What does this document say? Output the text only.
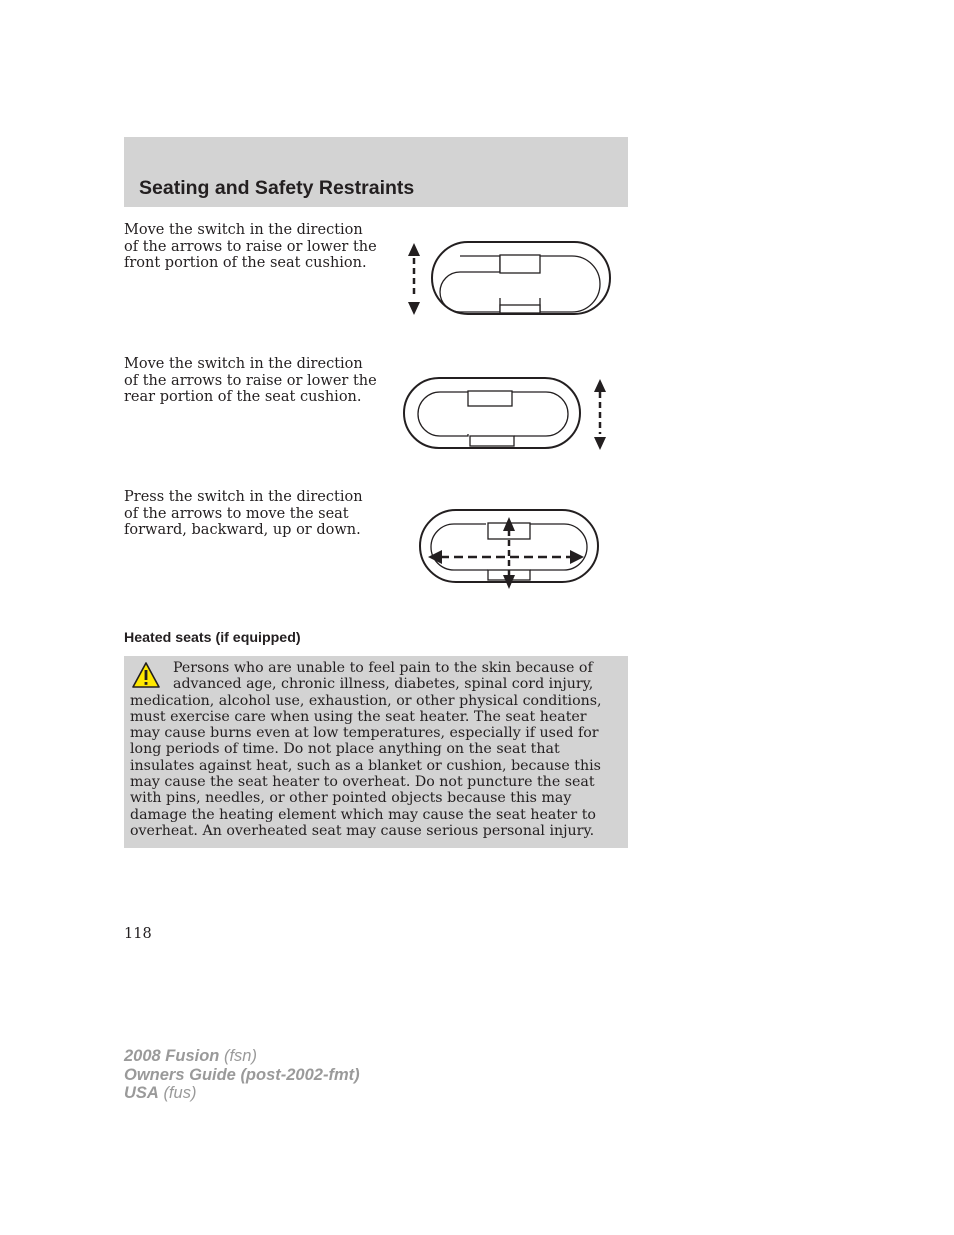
Seating and Safety Restraints

Move the switch in the direction of the arrows to raise or lower the front portion of the seat cushion.

Move the switch in the direction of the arrows to raise or lower the rear portion of the seat cushion.

Press the switch in the direction of the arrows to move the seat forward, backward, up or down.

Heated seats (if equipped)

Persons who are unable to feel pain to the skin because of advanced age, chronic illness, diabetes, spinal cord injury, medication, alcohol use, exhaustion, or other physical conditions, must exercise care when using the seat heater. The seat heater may cause burns even at low temperatures, especially if used for long periods of time. Do not place anything on the seat that insulates against heat, such as a blanket or cushion, because this may cause the seat heater to overheat. Do not puncture the seat with pins, needles, or other pointed objects because this may damage the heating element which may cause the seat heater to overheat. An overheated seat may cause serious personal injury.

118

2008 Fusion (fsn)
Owners Guide (post-2002-fmt)
USA (fus)
